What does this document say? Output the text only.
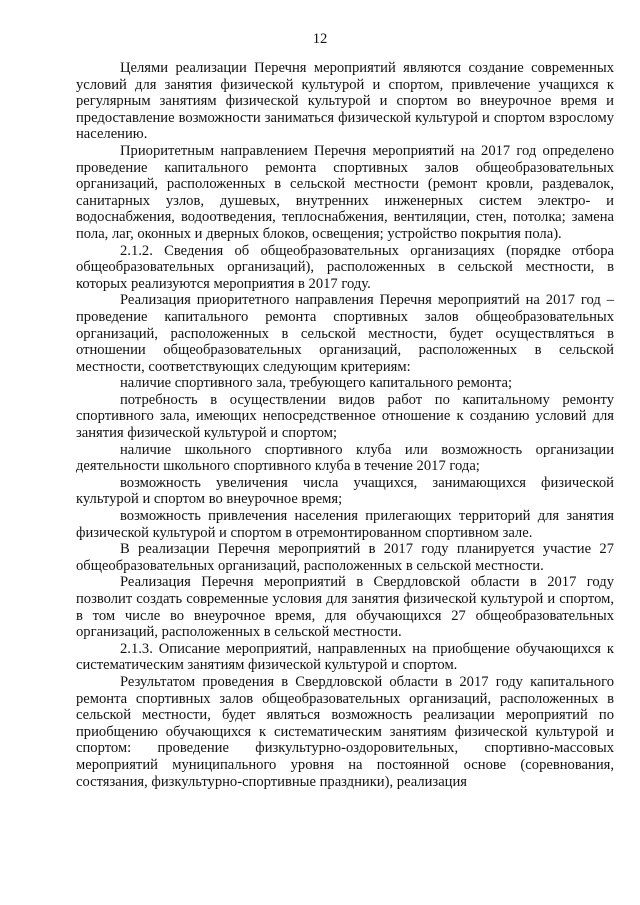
12

Целями реализации Перечня мероприятий являются создание современных условий для занятия физической культурой и спортом, привлечение учащихся к регулярным занятиям физической культурой и спортом во внеурочное время и предоставление возможности заниматься физической культурой и спортом взрослому населению.

Приоритетным направлением Перечня мероприятий на 2017 год определено проведение капитального ремонта спортивных залов общеобразовательных организаций, расположенных в сельской местности (ремонт кровли, раздевалок, санитарных узлов, душевых, внутренних инженерных систем электро- и водоснабжения, водоотведения, теплоснабжения, вентиляции, стен, потолка; замена пола, лаг, оконных и дверных блоков, освещения; устройство покрытия пола).

2.1.2. Сведения об общеобразовательных организациях (порядке отбора общеобразовательных организаций), расположенных в сельской местности, в которых реализуются мероприятия в 2017 году.

Реализация приоритетного направления Перечня мероприятий на 2017 год – проведение капитального ремонта спортивных залов общеобразовательных организаций, расположенных в сельской местности, будет осуществляться в отношении общеобразовательных организаций, расположенных в сельской местности, соответствующих следующим критериям:

наличие спортивного зала, требующего капитального ремонта;

потребность в осуществлении видов работ по капитальному ремонту спортивного зала, имеющих непосредственное отношение к созданию условий для занятия физической культурой и спортом;

наличие школьного спортивного клуба или возможность организации деятельности школьного спортивного клуба в течение 2017 года;

возможность увеличения числа учащихся, занимающихся физической культурой и спортом во внеурочное время;

возможность привлечения населения прилегающих территорий для занятия физической культурой и спортом в отремонтированном спортивном зале.

В реализации Перечня мероприятий в 2017 году планируется участие 27 общеобразовательных организаций, расположенных в сельской местности.

Реализация Перечня мероприятий в Свердловской области в 2017 году позволит создать современные условия для занятия физической культурой и спортом, в том числе во внеурочное время, для обучающихся 27 общеобразовательных организаций, расположенных в сельской местности.

2.1.3. Описание мероприятий, направленных на приобщение обучающихся к систематическим занятиям физической культурой и спортом.

Результатом проведения в Свердловской области в 2017 году капитального ремонта спортивных залов общеобразовательных организаций, расположенных в сельской местности, будет являться возможность реализации мероприятий по приобщению обучающихся к систематическим занятиям физической культурой и спортом: проведение физкультурно-оздоровительных, спортивно-массовых мероприятий муниципального уровня на постоянной основе (соревнования, состязания, физкультурно-спортивные праздники), реализация
